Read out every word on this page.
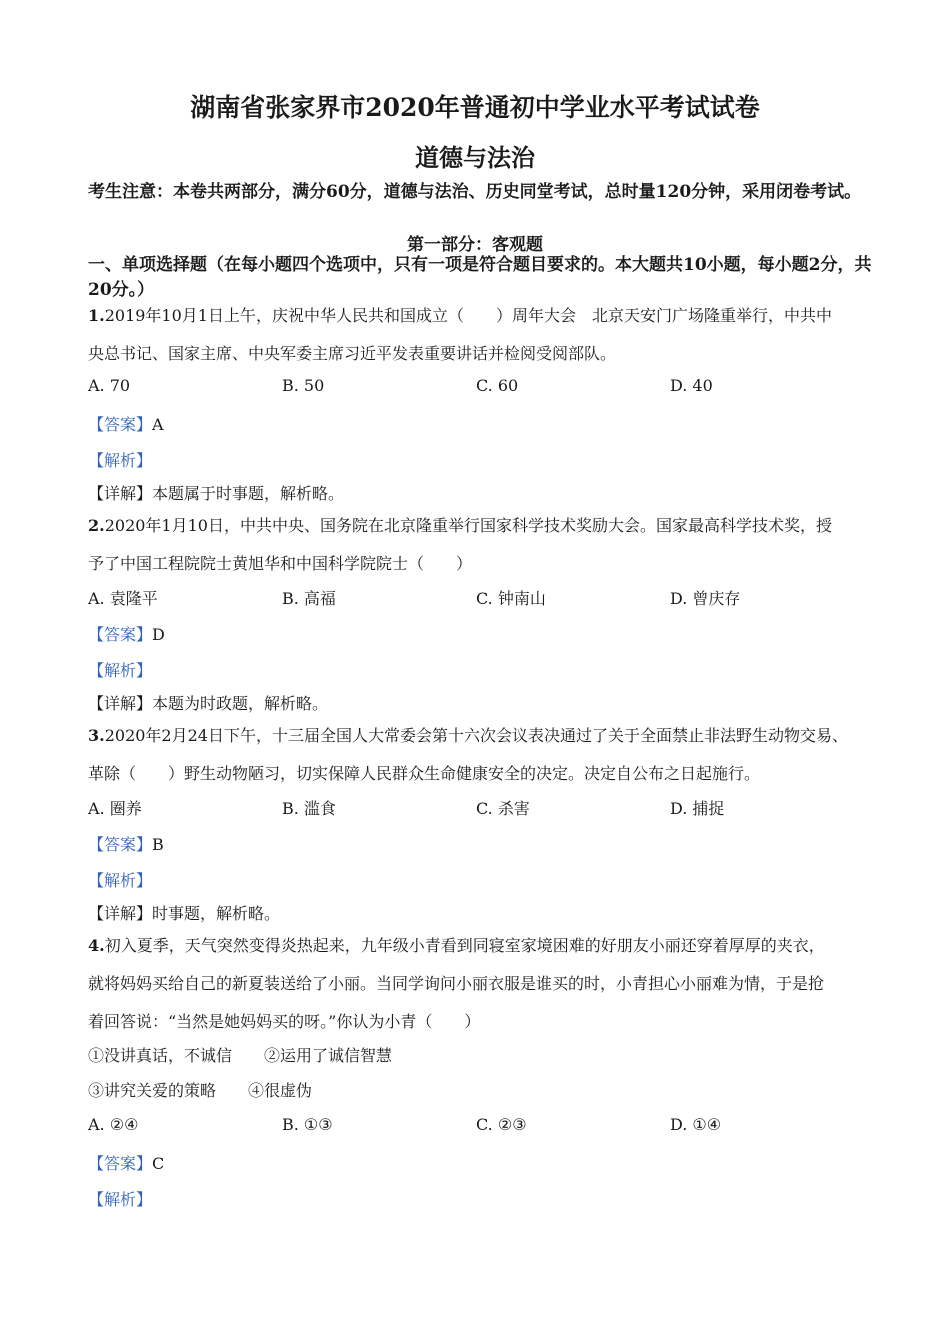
湖南省张家界市2020年普通初中学业水平考试试卷
道德与法治
考生注意：本卷共两部分，满分60分，道德与法治、历史同堂考试，总时量120分钟，采用闭卷考试。
第一部分：客观题
一、单项选择题（在每小题四个选项中，只有一项是符合题目要求的。本大题共10小题，每小题2分，共20分。）
1.2019年10月1日上午，庆祝中华人民共和国成立（　　）周年大会　北京天安门广场隆重举行，中共中
央总书记、国家主席、中央军委主席习近平发表重要讲话并检阅受阅部队。
A. 70	B. 50	C. 60	D. 40
【答案】A
【解析】
【详解】本题属于时事题，解析略。
2.2020年1月10日，中共中央、国务院在北京隆重举行国家科学技术奖励大会。国家最高科学技术奖，授
予了中国工程院院士黄旭华和中国科学院院士（　　）
A. 袁隆平	B. 高福	C. 钟南山	D. 曾庆存
【答案】D
【解析】
【详解】本题为时政题，解析略。
3.2020年2月24日下午，十三届全国人大常委会第十六次会议表决通过了关于全面禁止非法野生动物交易、
革除（　　）野生动物陋习，切实保障人民群众生命健康安全的决定。决定自公布之日起施行。
A. 圈养	B. 滥食	C. 杀害	D. 捕捉
【答案】B
【解析】
【详解】时事题，解析略。
4.初入夏季，天气突然变得炎热起来，九年级小青看到同寝室家境困难的好朋友小丽还穿着厚厚的夹衣，
就将妈妈买给自己的新夏装送给了小丽。当同学询问小丽衣服是谁买的时，小青担心小丽难为情，于是抢
着回答说：“当然是她妈妈买的呀。”你认为小青（　　）
①没讲真话，不诚信　　②运用了诚信智慧
③讲究关爱的策略　　④很虚伪
A. ②④	B. ①③	C. ②③	D. ①④
【答案】C
【解析】
